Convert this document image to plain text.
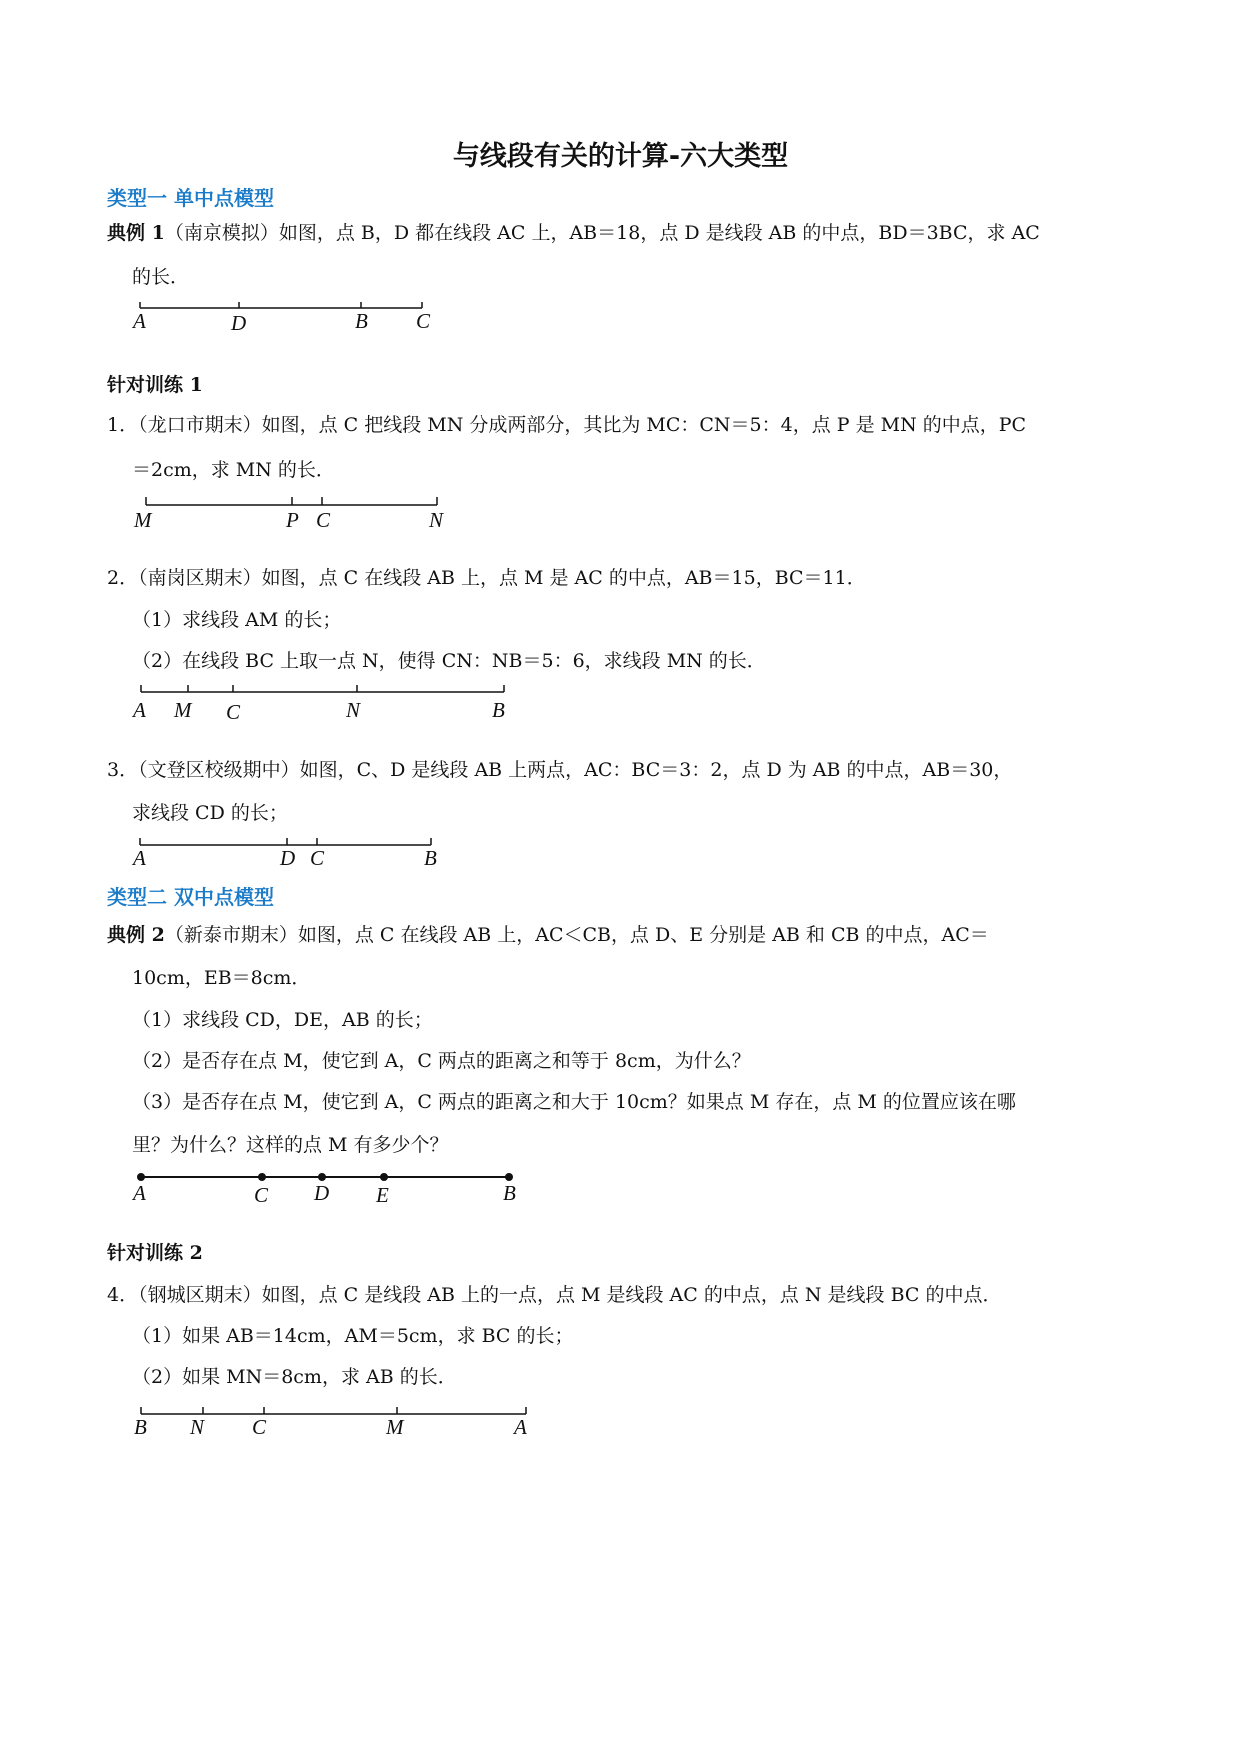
与线段有关的计算-六大类型
类型一 单中点模型
典例 1（南京模拟）如图，点 B，D 都在线段 AC 上，AB＝18，点 D 是线段 AB 的中点，BD＝3BC，求 AC
的长．
A	D	B C
M	P C	N
A M C	N	B
A	D C	B
A	C D E	B
B N C	M	A
针对训练 1
1．（龙口市期末）如图，点 C 把线段 MN 分成两部分，其比为 MC：CN＝5：4，点 P 是 MN 的中点，PC
＝2cm，求 MN 的长．
2．（南岗区期末）如图，点 C 在线段 AB 上，点 M 是 AC 的中点，AB＝15，BC＝11．
（1）求线段 AM 的长；
（2）在线段 BC 上取一点 N，使得 CN：NB＝5：6，求线段 MN 的长．
3．（文登区校级期中）如图，C、D 是线段 AB 上两点，AC：BC＝3：2，点 D 为 AB 的中点，AB＝30，
求线段 CD 的长；
类型二 双中点模型
典例 2（新泰市期末）如图，点 C 在线段 AB 上，AC＜CB，点 D、E 分别是 AB 和 CB 的中点，AC＝
10cm，EB＝8cm．
（1）求线段 CD，DE，AB 的长；
（2）是否存在点 M，使它到 A，C 两点的距离之和等于 8cm，为什么？
（3）是否存在点 M，使它到 A，C 两点的距离之和大于 10cm？如果点 M 存在，点 M 的位置应该在哪
里？为什么？这样的点 M 有多少个？
针对训练 2
4．（钢城区期末）如图，点 C 是线段 AB 上的一点，点 M 是线段 AC 的中点，点 N 是线段 BC 的中点．
（1）如果 AB＝14cm，AM＝5cm，求 BC 的长；
（2）如果 MN＝8cm，求 AB 的长．
